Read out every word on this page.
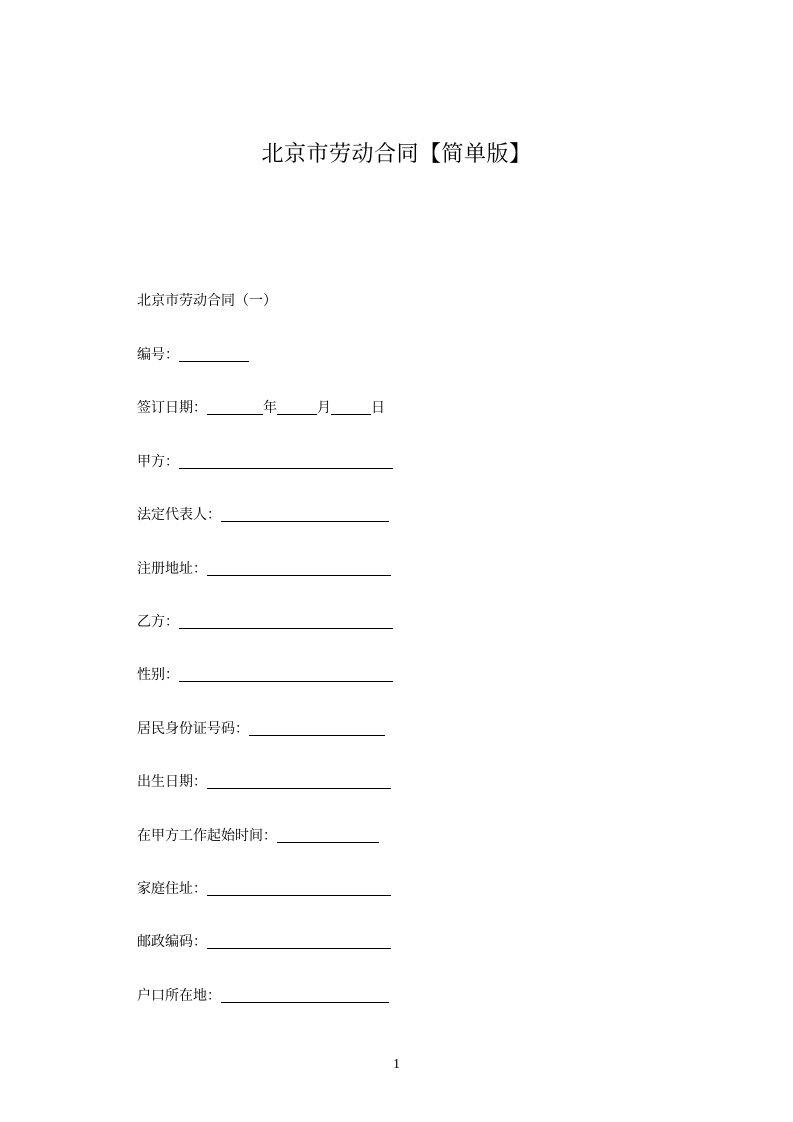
北京市劳动合同【简单版】
北京市劳动合同（一）
编号：
签订日期：	年	月	日
甲方：
法定代表人：
注册地址：
乙方：
性别：
居民身份证号码：
出生日期：
在甲方工作起始时间：
家庭住址：
邮政编码：
户口所在地：
1
